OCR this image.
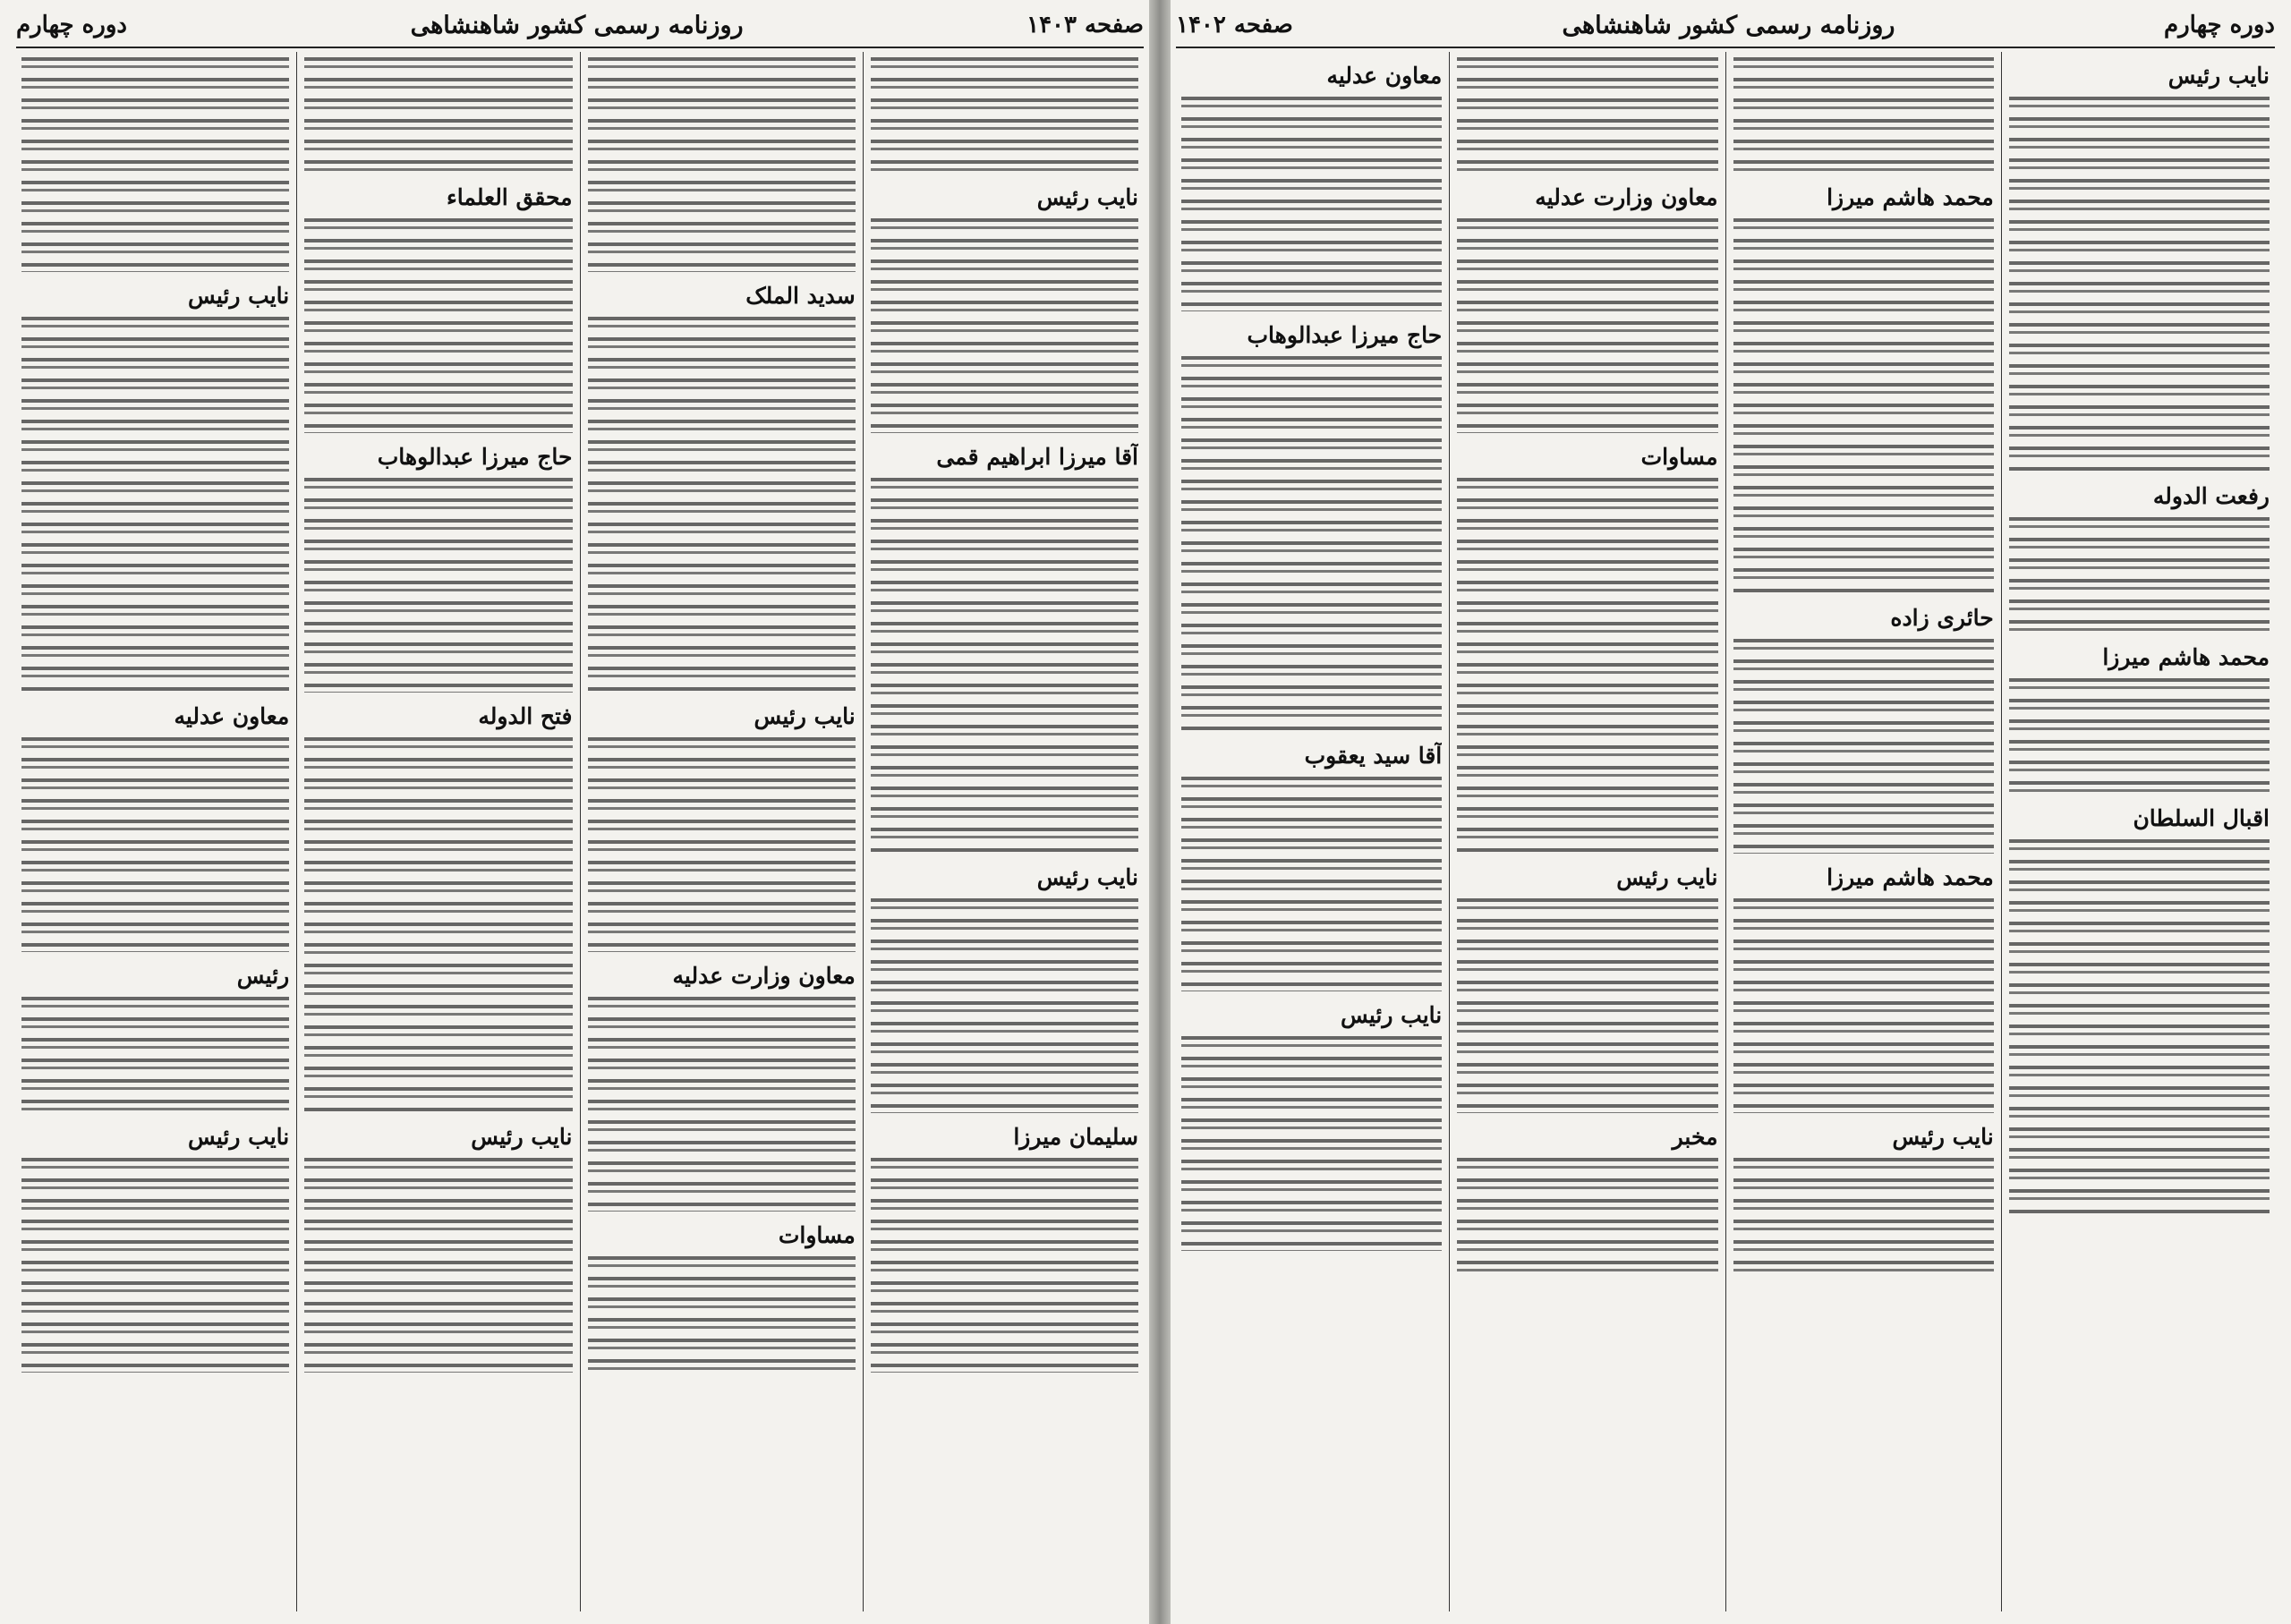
صفحه ۱۴۰۳
روزنامه رسمی کشور شاهنشاهی
دوره چهارم
نایب رئیس
آقا میرزا ابراهیم قمی
نایب رئیس
سلیمان میرزا
سدید الملک
نایب رئیس
معاون وزارت عدلیه
مساوات
محقق العلماء
حاج میرزا عبدالوهاب
فتح الدوله
نایب رئیس
نایب رئیس
معاون عدلیه
رئیس
نایب رئیس
دوره چهارم
روزنامه رسمی کشور شاهنشاهی
صفحه ۱۴۰۲
نایب رئیس
رفعت الدوله
محمد هاشم میرزا
اقبال السلطان
محمد هاشم میرزا
حائری زاده
محمد هاشم میرزا
نایب رئیس
معاون وزارت عدلیه
مساوات
نایب رئیس
مخبر
معاون عدلیه
حاج میرزا عبدالوهاب
آقا سید یعقوب
نایب رئیس
